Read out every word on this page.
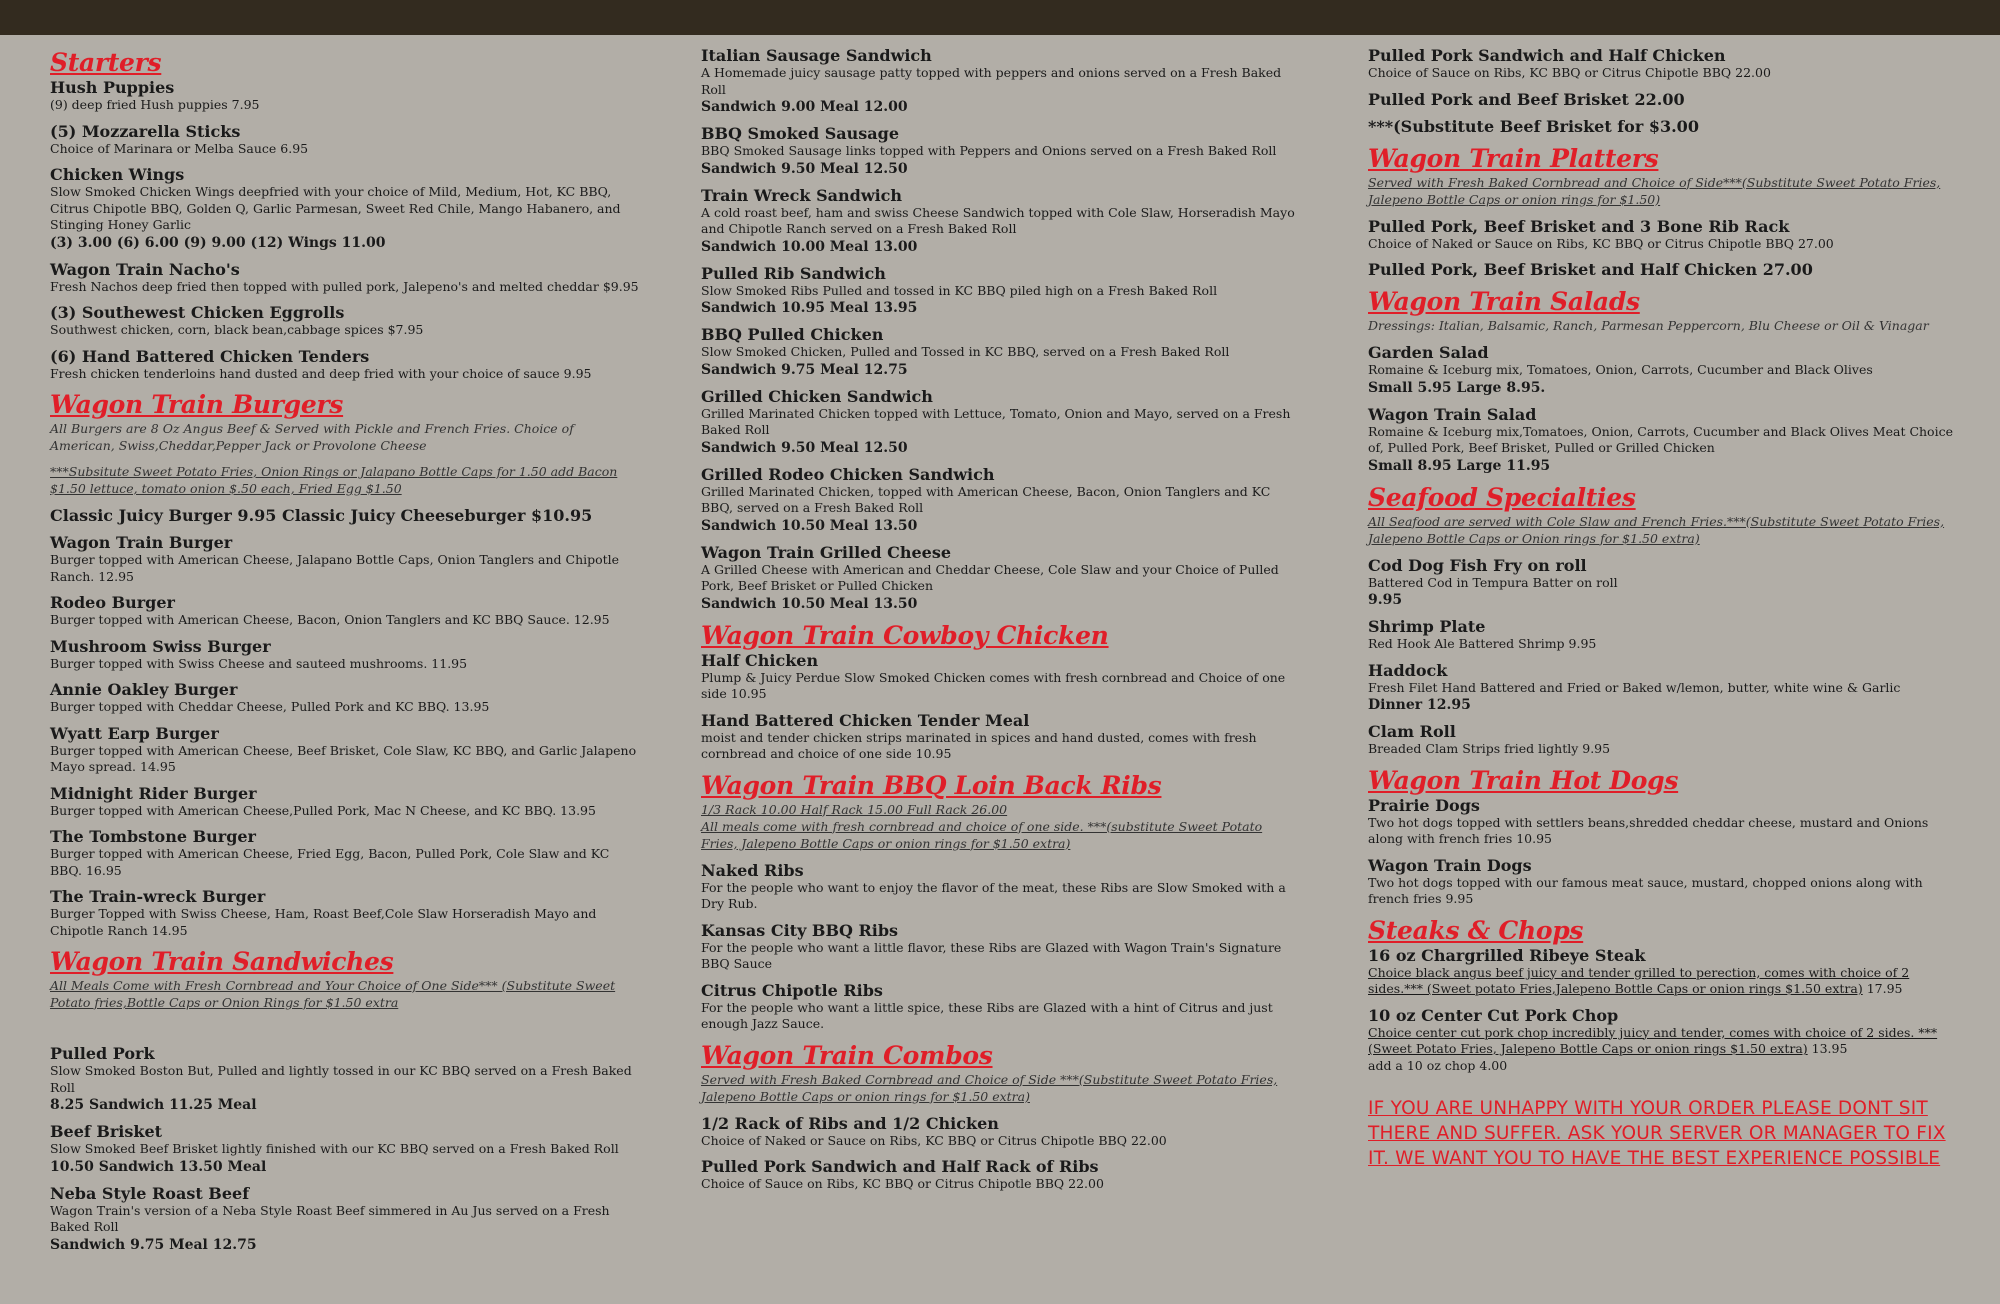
Starters
Hush Puppies
(9) deep fried Hush puppies 7.95
(5) Mozzarella Sticks
Choice of Marinara or Melba Sauce 6.95
Chicken Wings
Slow Smoked Chicken Wings deepfried with your choice of Mild, Medium, Hot, KC BBQ, Citrus Chipotle BBQ, Golden Q, Garlic Parmesan, Sweet Red Chile, Mango Habanero, and Stinging Honey Garlic
(3) 3.00 (6) 6.00 (9) 9.00 (12) Wings 11.00
Wagon Train Nacho's
Fresh Nachos deep fried then topped with pulled pork, Jalepeno's and melted cheddar $9.95
(3) Southewest Chicken Eggrolls
Southwest chicken, corn, black bean,cabbage spices $7.95
(6) Hand Battered Chicken Tenders
Fresh chicken tenderloins hand dusted and deep fried with your choice of sauce 9.95
Wagon Train Burgers
All Burgers are 8 Oz Angus Beef & Served with Pickle and French Fries. Choice of American, Swiss,Cheddar,Pepper Jack or Provolone Cheese
***Subsitute Sweet Potato Fries, Onion Rings or Jalapano Bottle Caps for 1.50 add Bacon $1.50 lettuce, tomato onion $.50 each, Fried Egg $1.50
Classic Juicy Burger 9.95 Classic Juicy Cheeseburger $10.95
Wagon Train Burger
Burger topped with American Cheese, Jalapano Bottle Caps, Onion Tanglers and Chipotle Ranch. 12.95
Rodeo Burger
Burger topped with American Cheese, Bacon, Onion Tanglers and KC BBQ Sauce. 12.95
Mushroom Swiss Burger
Burger topped with Swiss Cheese and sauteed mushrooms. 11.95
Annie Oakley Burger
Burger topped with Cheddar Cheese, Pulled Pork and KC BBQ. 13.95
Wyatt Earp Burger
Burger topped with American Cheese, Beef Brisket, Cole Slaw, KC BBQ, and Garlic Jalapeno Mayo spread. 14.95
Midnight Rider Burger
Burger topped with American Cheese,Pulled Pork, Mac N Cheese, and KC BBQ. 13.95
The Tombstone Burger
Burger topped with American Cheese, Fried Egg, Bacon, Pulled Pork, Cole Slaw and KC BBQ. 16.95
The Train-wreck Burger
Burger Topped with Swiss Cheese, Ham, Roast Beef,Cole Slaw Horseradish Mayo and Chipotle Ranch 14.95
Wagon Train Sandwiches
All Meals Come with Fresh Cornbread and Your Choice of One Side*** (Substitute Sweet Potato fries,Bottle Caps or Onion Rings for $1.50 extra
Pulled Pork
Slow Smoked Boston But, Pulled and lightly tossed in our KC BBQ served on a Fresh Baked Roll
8.25 Sandwich 11.25 Meal
Beef Brisket
Slow Smoked Beef Brisket lightly finished with our KC BBQ served on a Fresh Baked Roll
10.50 Sandwich 13.50 Meal
Neba Style Roast Beef
Wagon Train's version of a Neba Style Roast Beef simmered in Au Jus served on a Fresh Baked Roll
Sandwich 9.75 Meal 12.75
Italian Sausage Sandwich
A Homemade juicy sausage patty topped with peppers and onions served on a Fresh Baked Roll
Sandwich 9.00 Meal 12.00
BBQ Smoked Sausage
BBQ Smoked Sausage links topped with Peppers and Onions served on a Fresh Baked Roll
Sandwich 9.50 Meal 12.50
Train Wreck Sandwich
A cold roast beef, ham and swiss Cheese Sandwich topped with Cole Slaw, Horseradish Mayo and Chipotle Ranch served on a Fresh Baked Roll
Sandwich 10.00 Meal 13.00
Pulled Rib Sandwich
Slow Smoked Ribs Pulled and tossed in KC BBQ piled high on a Fresh Baked Roll
Sandwich 10.95 Meal 13.95
BBQ Pulled Chicken
Slow Smoked Chicken, Pulled and Tossed in KC BBQ, served on a Fresh Baked Roll
Sandwich 9.75 Meal 12.75
Grilled Chicken Sandwich
Grilled Marinated Chicken topped with Lettuce, Tomato, Onion and Mayo, served on a Fresh Baked Roll
Sandwich 9.50 Meal 12.50
Grilled Rodeo Chicken Sandwich
Grilled Marinated Chicken, topped with American Cheese, Bacon, Onion Tanglers and KC BBQ, served on a Fresh Baked Roll
Sandwich 10.50 Meal 13.50
Wagon Train Grilled Cheese
A Grilled Cheese with American and Cheddar Cheese, Cole Slaw and your Choice of Pulled Pork, Beef Brisket or Pulled Chicken
Sandwich 10.50 Meal 13.50
Wagon Train Cowboy Chicken
Half Chicken
Plump & Juicy Perdue Slow Smoked Chicken comes with fresh cornbread and Choice of one side 10.95
Hand Battered Chicken Tender Meal
moist and tender chicken strips marinated in spices and hand dusted, comes with fresh cornbread and choice of one side 10.95
Wagon Train BBQ Loin Back Ribs
1/3 Rack 10.00 Half Rack 15.00 Full Rack 26.00
All meals come with fresh cornbread and choice of one side. ***(substitute Sweet Potato Fries, Jalepeno Bottle Caps or onion rings for $1.50 extra)
Naked Ribs
For the people who want to enjoy the flavor of the meat, these Ribs are Slow Smoked with a Dry Rub.
Kansas City BBQ Ribs
For the people who want a little flavor, these Ribs are Glazed with Wagon Train's Signature BBQ Sauce
Citrus Chipotle Ribs
For the people who want a little spice, these Ribs are Glazed with a hint of Citrus and just enough Jazz Sauce.
Wagon Train Combos
Served with Fresh Baked Cornbread and Choice of Side ***(Substitute Sweet Potato Fries, Jalepeno Bottle Caps or onion rings for $1.50 extra)
1/2 Rack of Ribs and 1/2 Chicken
Choice of Naked or Sauce on Ribs, KC BBQ or Citrus Chipotle BBQ 22.00
Pulled Pork Sandwich and Half Rack of Ribs
Choice of Sauce on Ribs, KC BBQ or Citrus Chipotle BBQ 22.00
Pulled Pork Sandwich and Half Chicken
Choice of Sauce on Ribs, KC BBQ or Citrus Chipotle BBQ 22.00
Pulled Pork and Beef Brisket 22.00
***(Substitute Beef Brisket for $3.00
Wagon Train Platters
Served with Fresh Baked Cornbread and Choice of Side***(Substitute Sweet Potato Fries, Jalepeno Bottle Caps or onion rings for $1.50)
Pulled Pork, Beef Brisket and 3 Bone Rib Rack
Choice of Naked or Sauce on Ribs, KC BBQ or Citrus Chipotle BBQ 27.00
Pulled Pork, Beef Brisket and Half Chicken 27.00
Wagon Train Salads
Dressings: Italian, Balsamic, Ranch, Parmesan Peppercorn, Blu Cheese or Oil & Vinagar
Garden Salad
Romaine & Iceburg mix, Tomatoes, Onion, Carrots, Cucumber and Black Olives
Small 5.95 Large 8.95.
Wagon Train Salad
Romaine & Iceburg mix,Tomatoes, Onion, Carrots, Cucumber and Black Olives Meat Choice of, Pulled Pork, Beef Brisket, Pulled or Grilled Chicken
Small 8.95 Large 11.95
Seafood Specialties
All Seafood are served with Cole Slaw and French Fries.***(Substitute Sweet Potato Fries, Jalepeno Bottle Caps or Onion rings for $1.50 extra)
Cod Dog Fish Fry on roll
Battered Cod in Tempura Batter on roll
9.95
Shrimp Plate
Red Hook Ale Battered Shrimp 9.95
Haddock
Fresh Filet Hand Battered and Fried or Baked w/lemon, butter, white wine & Garlic
Dinner 12.95
Clam Roll
Breaded Clam Strips fried lightly 9.95
Wagon Train Hot Dogs
Prairie Dogs
Two hot dogs topped with settlers beans,shredded cheddar cheese, mustard and Onions along with french fries 10.95
Wagon Train Dogs
Two hot dogs topped with our famous meat sauce, mustard, chopped onions along with french fries 9.95
Steaks & Chops
16 oz Chargrilled Ribeye Steak
Choice black angus beef juicy and tender grilled to perection, comes with choice of 2 sides.*** (Sweet potato Fries,Jalepeno Bottle Caps or onion rings $1.50 extra) 17.95
10 oz Center Cut Pork Chop
Choice center cut pork chop incredibly juicy and tender, comes with choice of 2 sides. ***(Sweet Potato Fries, Jalepeno Bottle Caps or onion rings $1.50 extra) 13.95
add a 10 oz chop 4.00
IF YOU ARE UNHAPPY WITH YOUR ORDER PLEASE DONT SIT THERE AND SUFFER. ASK YOUR SERVER OR MANAGER TO FIX IT. WE WANT YOU TO HAVE THE BEST EXPERIENCE POSSIBLE
